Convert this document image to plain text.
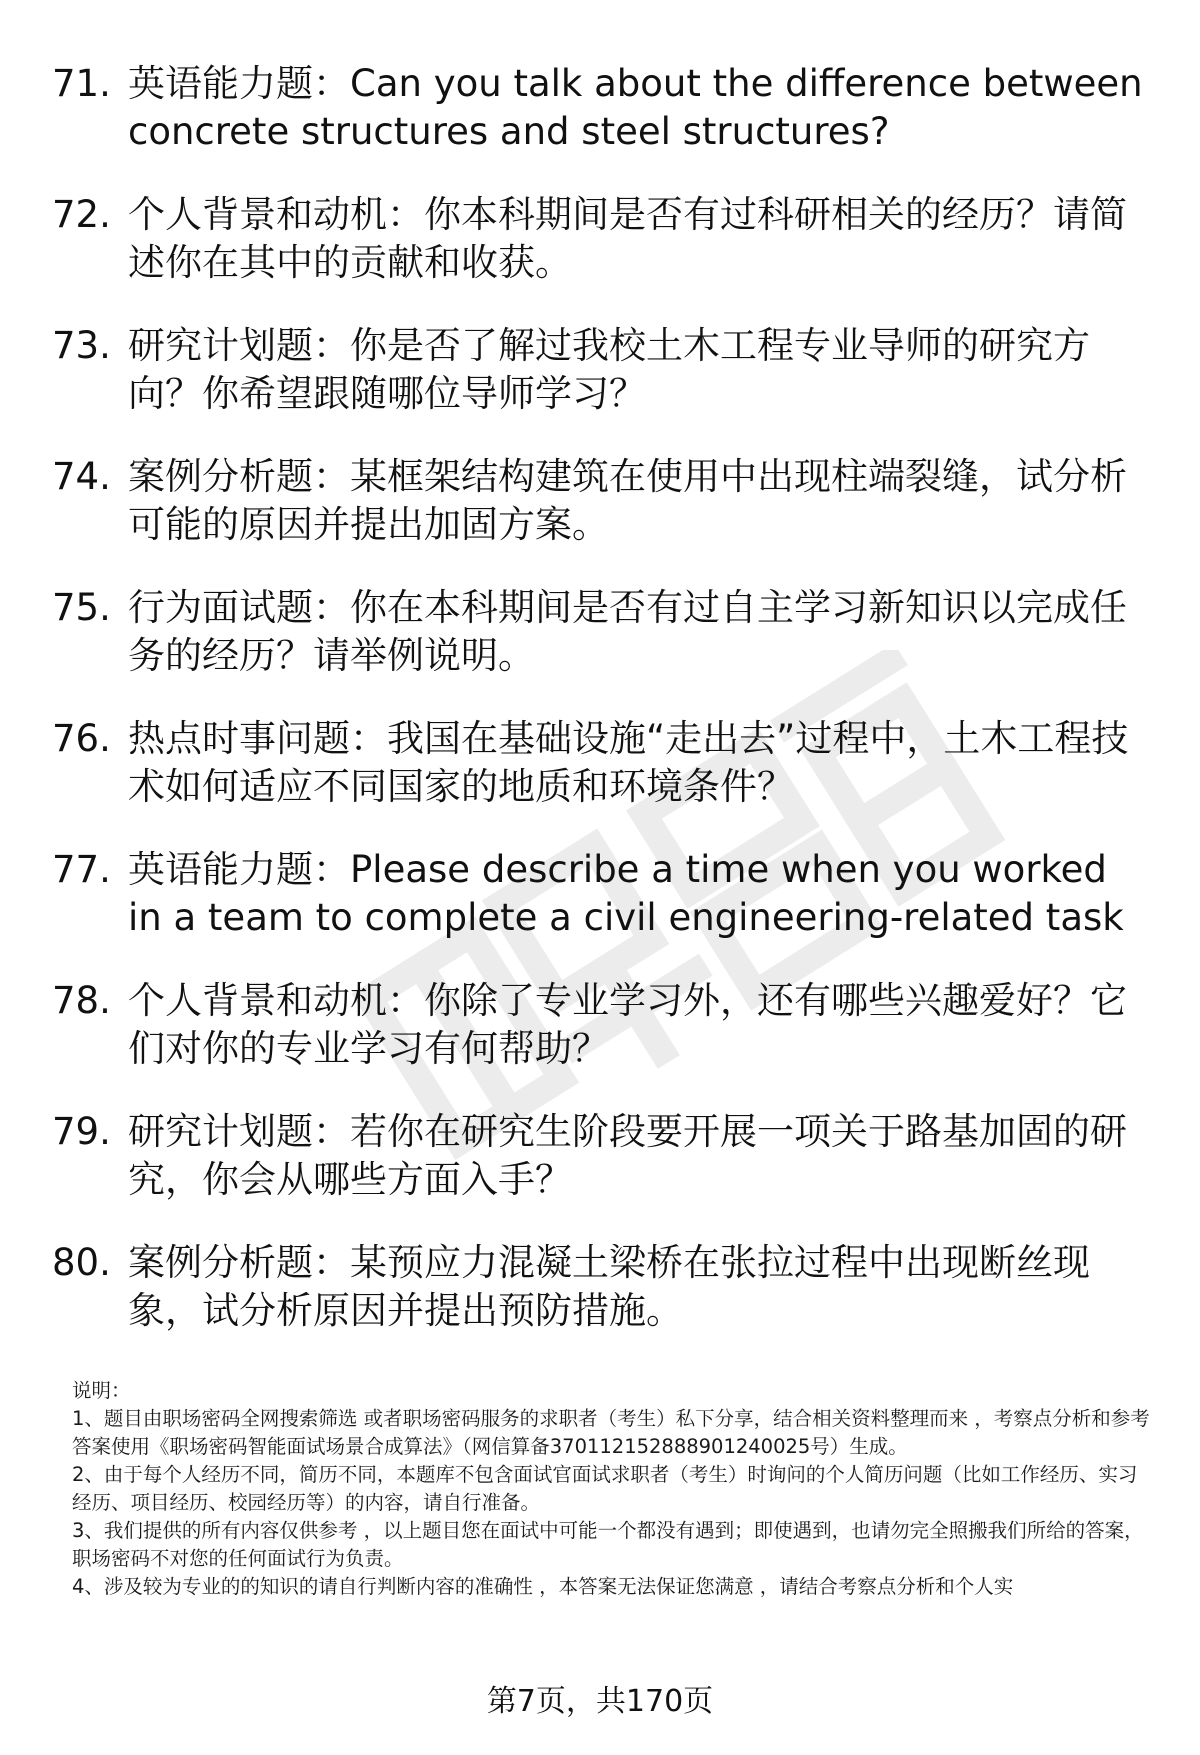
71. 英语能力题：Can you talk about the difference between concrete structures and steel structures?
72. 个人背景和动机：你本科期间是否有过科研相关的经历？请简述你在其中的贡献和收获。
73. 研究计划题：你是否了解过我校土木工程专业导师的研究方向？你希望跟随哪位导师学习？
74. 案例分析题：某框架结构建筑在使用中出现柱端裂缝，试分析可能的原因并提出加固方案。
75. 行为面试题：你在本科期间是否有过自主学习新知识以完成任务的经历？请举例说明。
76. 热点时事问题：我国在基础设施“走出去”过程中，土木工程技术如何适应不同国家的地质和环境条件？
77. 英语能力题：Please describe a time when you worked in a team to complete a civil engineering-related task
78. 个人背景和动机：你除了专业学习外，还有哪些兴趣爱好？它们对你的专业学习有何帮助？
79. 研究计划题：若你在研究生阶段要开展一项关于路基加固的研究，你会从哪些方面入手？
80. 案例分析题：某预应力混凝土梁桥在张拉过程中出现断丝现象，试分析原因并提出预防措施。

说明：

1、题目由职场密码全网搜索筛选 或者职场密码服务的求职者（考生）私下分享，结合相关资料整理而来 ，考察点分析和参考答案使用《职场密码智能面试场景合成算法》（网信算备370112152888901240025号）生成。

2、由于每个人经历不同，简历不同，本题库不包含面试官面试求职者（考生）时询问的个人简历问题（比如工作经历、实习经历、项目经历、校园经历等）的内容，请自行准备。

3、我们提供的所有内容仅供参考 ，以上题目您在面试中可能一个都没有遇到；即使遇到，也请勿完全照搬我们所给的答案，职场密码不对您的任何面试行为负责。

4、涉及较为专业的的知识的请自行判断内容的准确性 ，本答案无法保证您满意 ，请结合考察点分析和个人实

第7页，共170页
